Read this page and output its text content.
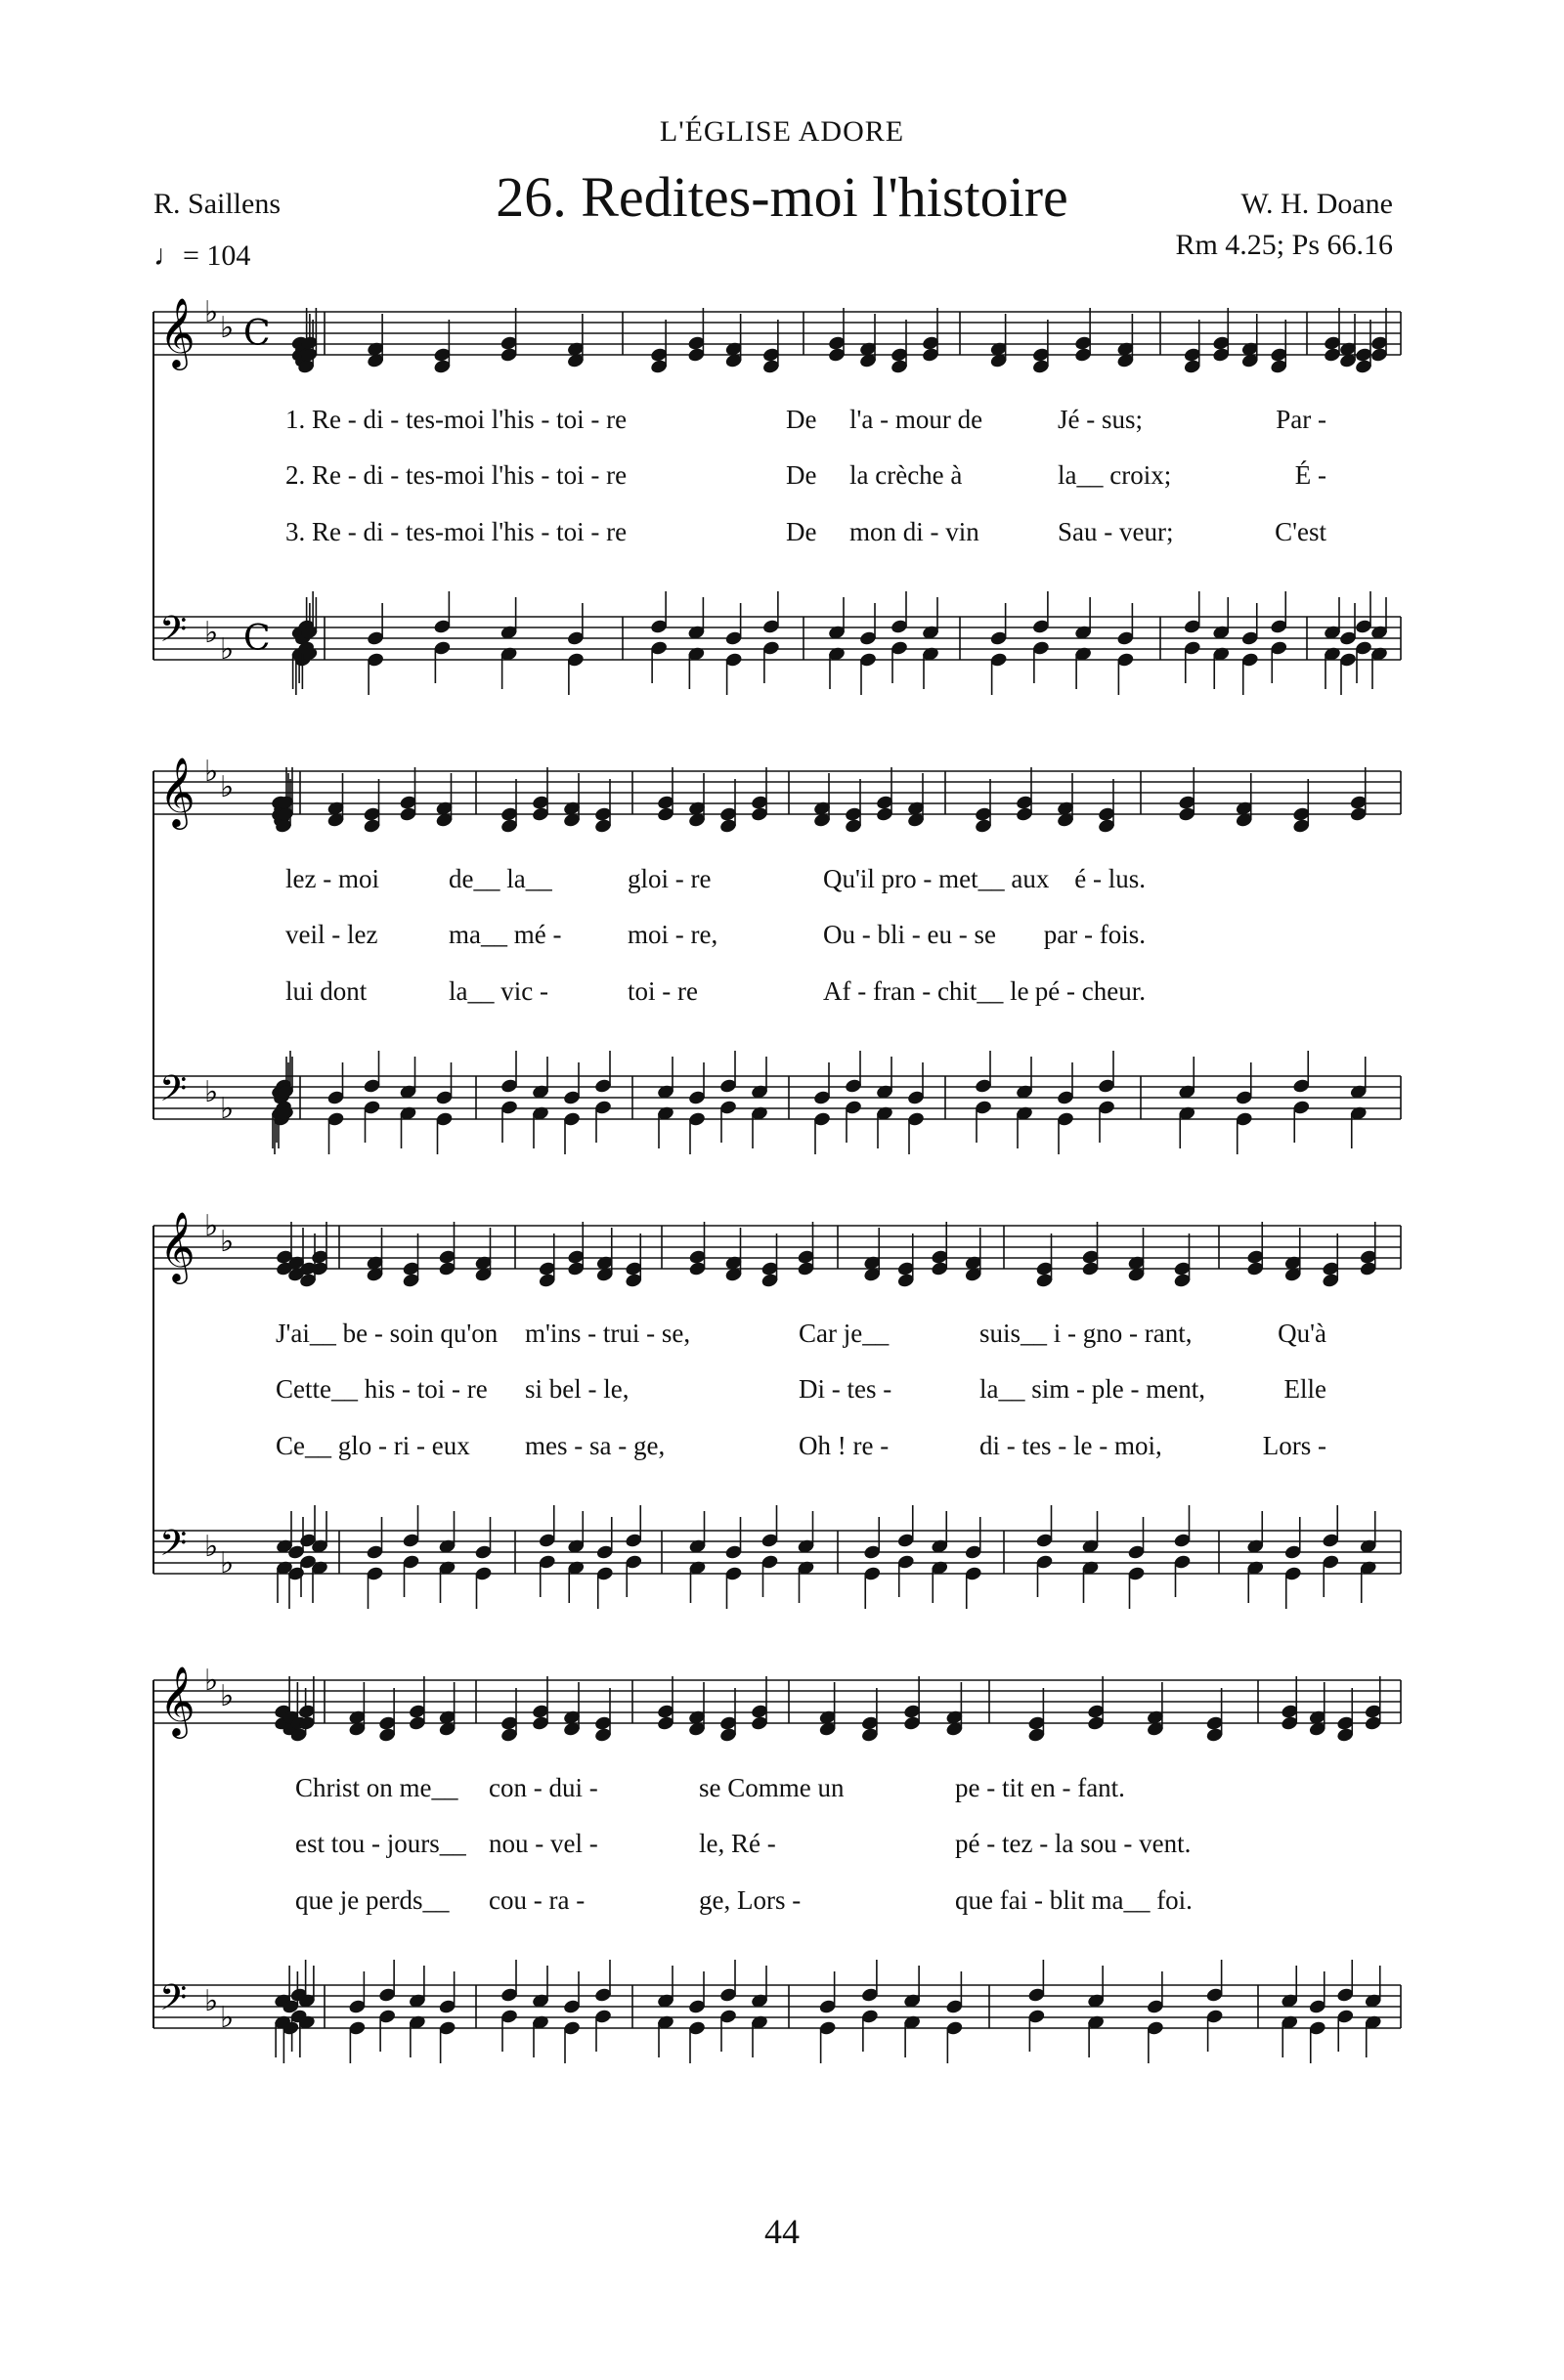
L'ÉGLISE ADORE
26. Redites-moi l'histoire
R. Saillens	W. H. Doane
♩= 104	Rm 4.25; Ps 66.16
𝄞
𝄢
♭ ♭
♭ ♭
C
C
1. Re - di - tes-moi l'his - toi - re	De l'a - mour de	Jé - sus;	Par -
2. Re - di - tes-moi l'his - toi - re	De la crèche à	la__ croix;	É -
3. Re - di - tes-moi l'his - toi - re	De mon di - vin	Sau - veur;	C'est
𝄞
𝄢
♭ ♭
♭ ♭
lez - moi	de__ la__	gloi - re	Qu'il pro - met__ aux é - lus.
veil - lez	ma__ mé -	moi - re,	Ou - bli - eu - se par - fois.
lui dont	la__ vic -	toi - re	Af - fran - chit__ le pé - cheur.
𝄞
𝄢
♭ ♭
♭ ♭
J'ai__ be - soin qu'on m'ins - trui - se,	Car je__	suis__ i - gno - rant,	Qu'à
Cette__ his - toi - re si bel - le,	Di - tes -	la__ sim - ple - ment,	Elle
Ce__ glo - ri - eux mes - sa - ge,	Oh ! re -	di - tes - le - moi,	Lors -
𝄞
𝄢
♭ ♭
♭ ♭
Christ on me__ con - dui -	se Comme un	pe - tit en - fant.
est tou - jours__ nou - vel -	le, Ré -	pé - tez - la sou - vent.
que je perds__ cou - ra -	ge, Lors -	que fai - blit ma__ foi.
44
